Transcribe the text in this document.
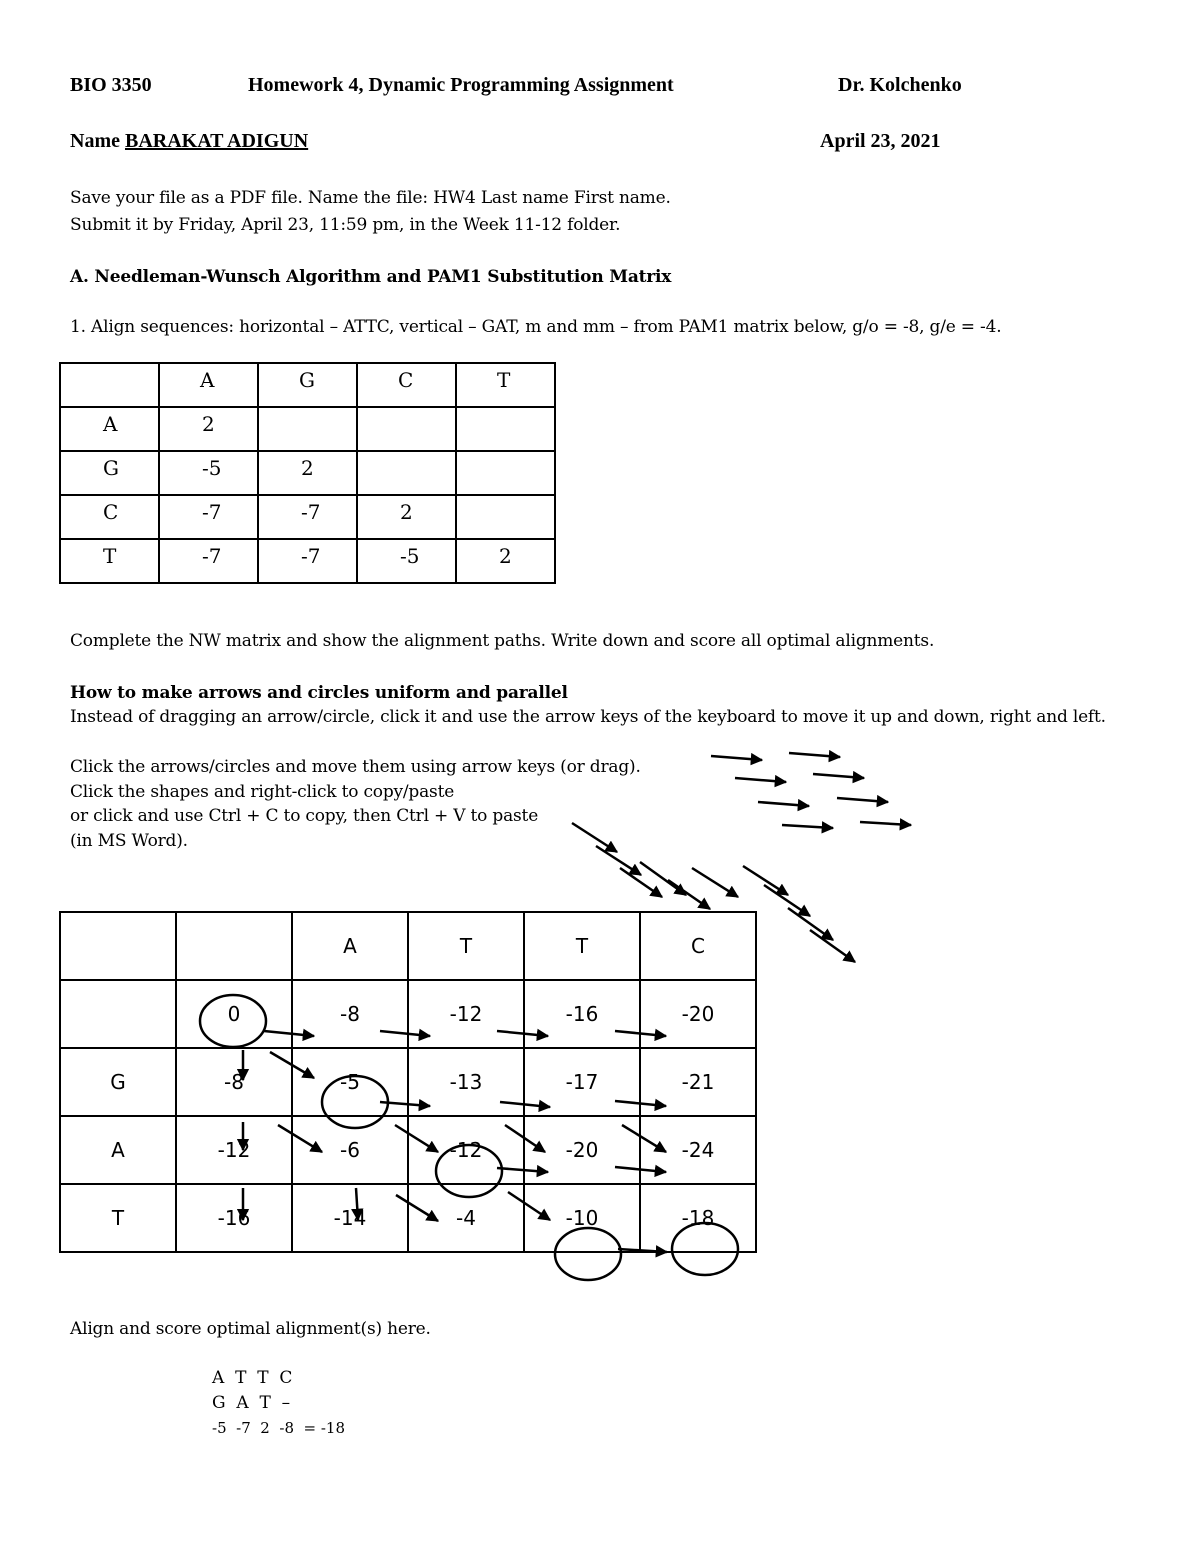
BIO 3350	Homework 4, Dynamic Programming Assignment	Dr. Kolchenko
Name BARAKAT ADIGUN	April 23, 2021
Save your file as a PDF file. Name the file: HW4 Last name First name.
Submit it by Friday, April 23, 11:59 pm, in the Week 11-12 folder.
A. Needleman-Wunsch Algorithm and PAM1 Substitution Matrix
1. Align sequences: horizontal – ATTC, vertical – GAT, m and mm – from PAM1 matrix below, g/o = -8, g/e = -4.

	A	G	C	T

A	2			

G	-5	2		

C	-7	-7	2	

T	-7	-7	-5	2
Complete the NW matrix and show the alignment paths. Write down and score all optimal alignments.
How to make arrows and circles uniform and parallel
Instead of dragging an arrow/circle, click it and use the arrow keys of the keyboard to move it up and down, right and left.
Click the arrows/circles and move them using arrow keys (or drag).
Click the shapes and right-click to copy/paste
or click and use Ctrl + C to copy, then Ctrl + V to paste
(in MS Word).
		A	T	T	C
	0	-8	-12	-16	-20
G	-8	-5	-13	-17	-21
A	-12	-6	-12	-20	-24
T	-16	-14	-4	-10	-18
Align and score optimal alignment(s) here.
A  T  T  C
G  A  T  –
-5  -7  2  -8  = -18
